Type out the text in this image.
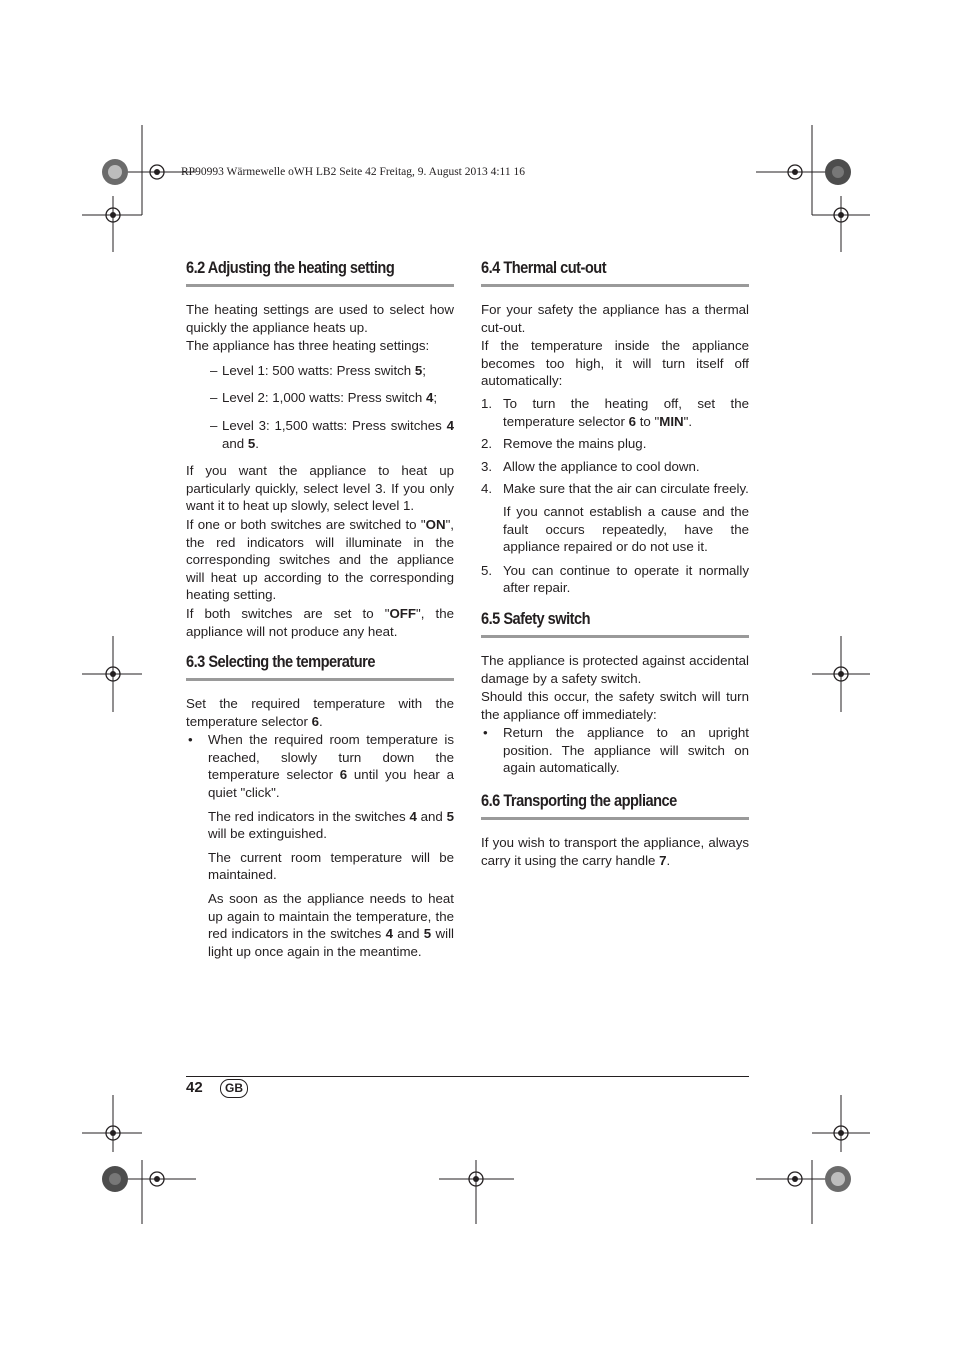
RP90993 Wärmewelle oWH LB2 Seite 42 Freitag, 9. August 2013 4:11 16
6.2 Adjusting the heating setting

The heating settings are used to select how quickly the appliance heats up.

The appliance has three heating settings:

– Level 1: 500 watts: Press switch 5;
– Level 2: 1,000 watts: Press switch 4;
– Level 3: 1,500 watts: Press switches 4 and 5.

If you want the appliance to heat up particularly quickly, select level 3. If you only want it to heat up slowly, select level 1.

If one or both switches are switched to "ON", the red indicators will illuminate in the corresponding switches and the appliance will heat up according to the corresponding heating setting.

If both switches are set to "OFF", the appliance will not produce any heat.

6.3 Selecting the temperature

Set the required temperature with the temperature selector 6.

• When the required room temperature is reached, slowly turn down the temperature selector 6 until you hear a quiet "click".
The red indicators in the switches 4 and 5 will be extinguished.
The current room temperature will be maintained.
As soon as the appliance needs to heat up again to maintain the temperature, the red indicators in the switches 4 and 5 will light up once again in the meantime.
6.4 Thermal cut-out

For your safety the appliance has a thermal cut-out.

If the temperature inside the appliance becomes too high, it will turn itself off automatically:

1. To turn the heating off, set the temperature selector 6 to "MIN".
2. Remove the mains plug.
3. Allow the appliance to cool down.
4. Make sure that the air can circulate freely.
If you cannot establish a cause and the fault occurs repeatedly, have the appliance repaired or do not use it.
5. You can continue to operate it normally after repair.
6.5 Safety switch

The appliance is protected against accidental damage by a safety switch.

Should this occur, the safety switch will turn the appliance off immediately:

• Return the appliance to an upright position. The appliance will switch on again automatically.
6.6 Transporting the appliance

If you wish to transport the appliance, always carry it using the carry handle 7.

42	GB
